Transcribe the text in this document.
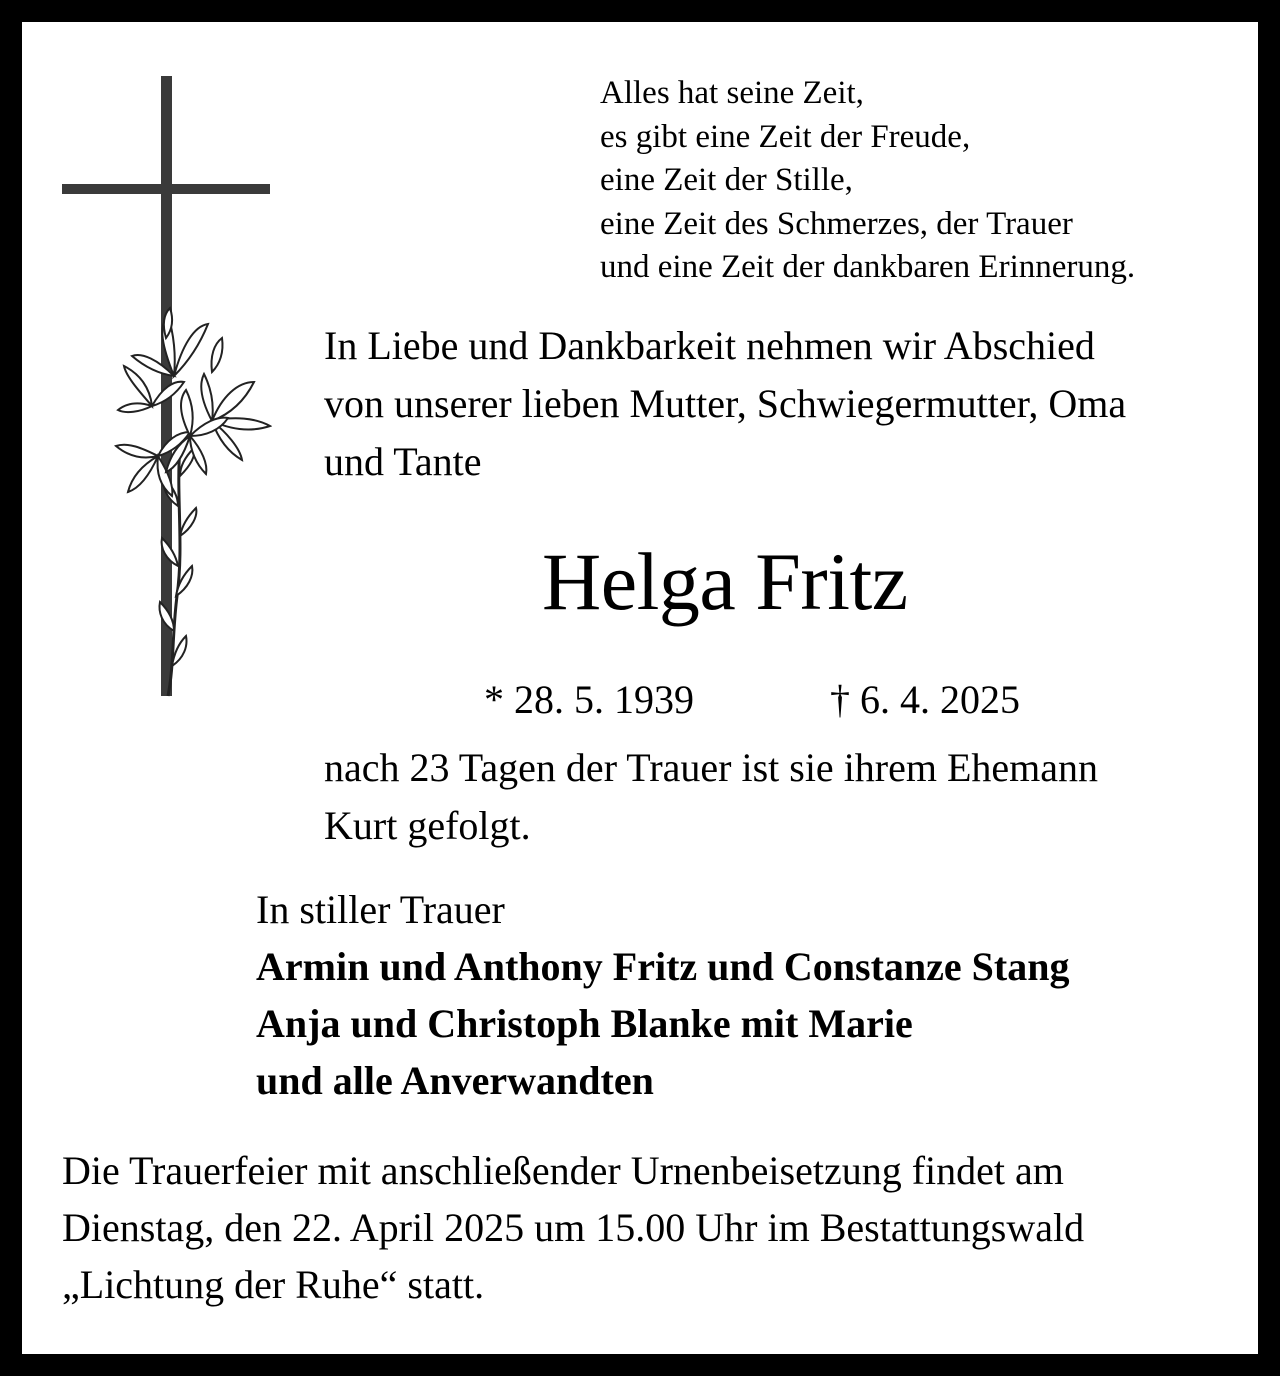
Alles hat seine Zeit,
es gibt eine Zeit der Freude,
eine Zeit der Stille,
eine Zeit des Schmerzes, der Trauer
und eine Zeit der dankbaren Erinnerung.
In Liebe und Dankbarkeit nehmen wir Abschied
von unserer lieben Mutter, Schwiegermutter, Oma
und Tante
Helga Fritz
* 28. 5. 1939	† 6. 4. 2025
nach 23 Tagen der Trauer ist sie ihrem Ehemann
Kurt gefolgt.
In stiller Trauer
Armin und Anthony Fritz und Constanze Stang
Anja und Christoph Blanke mit Marie
und alle Anverwandten
Die Trauerfeier mit anschließender Urnenbeisetzung findet am
Dienstag, den 22. April 2025 um 15.00 Uhr im Bestattungswald
„Lichtung der Ruhe“ statt.
